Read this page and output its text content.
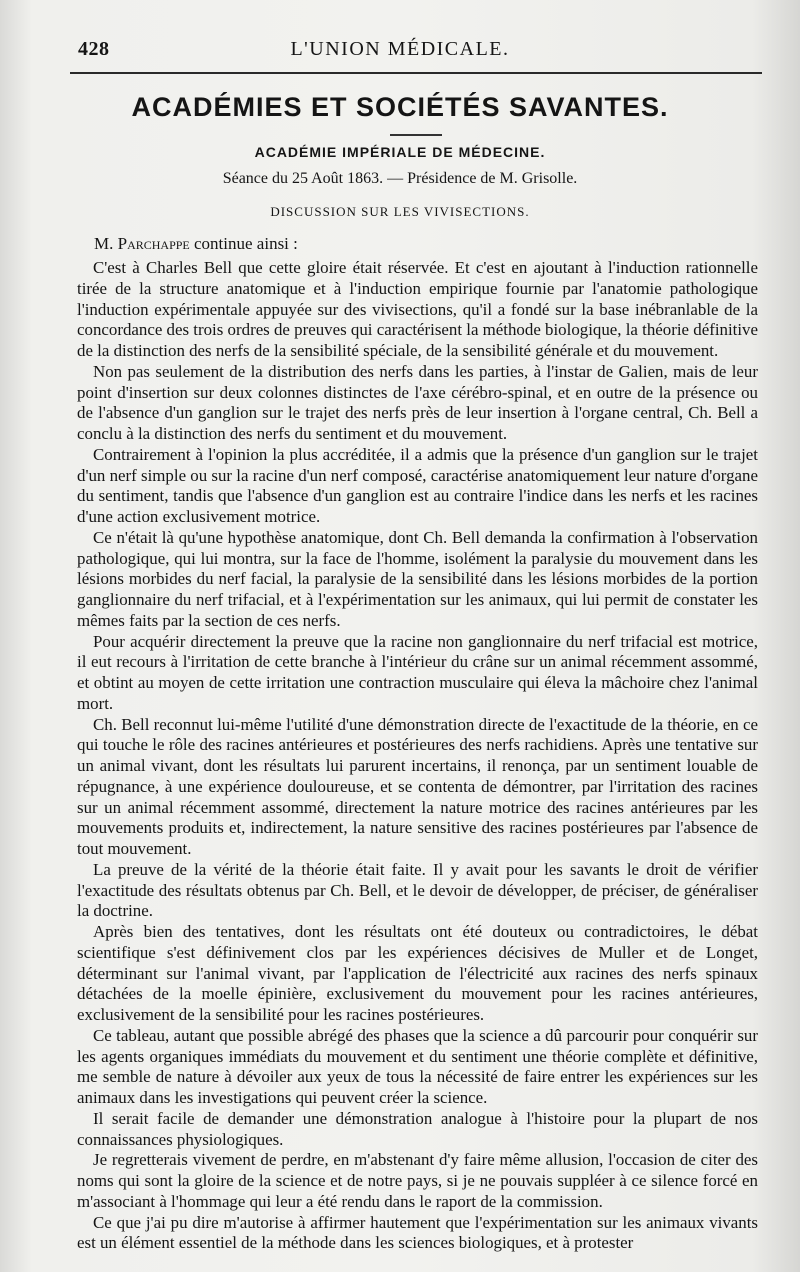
428	L'UNION MÉDICALE.
ACADÉMIES ET SOCIÉTÉS SAVANTES.
ACADÉMIE IMPÉRIALE DE MÉDECINE.
Séance du 25 Août 1863. — Présidence de M. Grisolle.
DISCUSSION SUR LES VIVISECTIONS.
M. Parchappe continue ainsi :

C'est à Charles Bell que cette gloire était réservée. Et c'est en ajoutant à l'induction rationnelle tirée de la structure anatomique et à l'induction empirique fournie par l'anatomie pathologique l'induction expérimentale appuyée sur des vivisections, qu'il a fondé sur la base inébranlable de la concordance des trois ordres de preuves qui caractérisent la méthode biologique, la théorie définitive de la distinction des nerfs de la sensibilité spéciale, de la sensibilité générale et du mouvement.

Non pas seulement de la distribution des nerfs dans les parties, à l'instar de Galien, mais de leur point d'insertion sur deux colonnes distinctes de l'axe cérébro-spinal, et en outre de la présence ou de l'absence d'un ganglion sur le trajet des nerfs près de leur insertion à l'organe central, Ch. Bell a conclu à la distinction des nerfs du sentiment et du mouvement.

Contrairement à l'opinion la plus accréditée, il a admis que la présence d'un ganglion sur le trajet d'un nerf simple ou sur la racine d'un nerf composé, caractérise anatomiquement leur nature d'organe du sentiment, tandis que l'absence d'un ganglion est au contraire l'indice dans les nerfs et les racines d'une action exclusivement motrice.

Ce n'était là qu'une hypothèse anatomique, dont Ch. Bell demanda la confirmation à l'observation pathologique, qui lui montra, sur la face de l'homme, isolément la paralysie du mouvement dans les lésions morbides du nerf facial, la paralysie de la sensibilité dans les lésions morbides de la portion ganglionnaire du nerf trifacial, et à l'expérimentation sur les animaux, qui lui permit de constater les mêmes faits par la section de ces nerfs.

Pour acquérir directement la preuve que la racine non ganglionnaire du nerf trifacial est motrice, il eut recours à l'irritation de cette branche à l'intérieur du crâne sur un animal récemment assommé, et obtint au moyen de cette irritation une contraction musculaire qui éleva la mâchoire chez l'animal mort.

Ch. Bell reconnut lui-même l'utilité d'une démonstration directe de l'exactitude de la théorie, en ce qui touche le rôle des racines antérieures et postérieures des nerfs rachidiens. Après une tentative sur un animal vivant, dont les résultats lui parurent incertains, il renonça, par un sentiment louable de répugnance, à une expérience douloureuse, et se contenta de démontrer, par l'irritation des racines sur un animal récemment assommé, directement la nature motrice des racines antérieures par les mouvements produits et, indirectement, la nature sensitive des racines postérieures par l'absence de tout mouvement.

La preuve de la vérité de la théorie était faite. Il y avait pour les savants le droit de vérifier l'exactitude des résultats obtenus par Ch. Bell, et le devoir de développer, de préciser, de généraliser la doctrine.

Après bien des tentatives, dont les résultats ont été douteux ou contradictoires, le débat scientifique s'est définivement clos par les expériences décisives de Muller et de Longet, déterminant sur l'animal vivant, par l'application de l'électricité aux racines des nerfs spinaux détachées de la moelle épinière, exclusivement du mouvement pour les racines antérieures, exclusivement de la sensibilité pour les racines postérieures.

Ce tableau, autant que possible abrégé des phases que la science a dû parcourir pour conquérir sur les agents organiques immédiats du mouvement et du sentiment une théorie complète et définitive, me semble de nature à dévoiler aux yeux de tous la nécessité de faire entrer les expériences sur les animaux dans les investigations qui peuvent créer la science.

Il serait facile de demander une démonstration analogue à l'histoire pour la plupart de nos connaissances physiologiques.

Je regretterais vivement de perdre, en m'abstenant d'y faire même allusion, l'occasion de citer des noms qui sont la gloire de la science et de notre pays, si je ne pouvais suppléer à ce silence forcé en m'associant à l'hommage qui leur a été rendu dans le raport de la commission.

Ce que j'ai pu dire m'autorise à affirmer hautement que l'expérimentation sur les animaux vivants est un élément essentiel de la méthode dans les sciences biologiques, et à protester
